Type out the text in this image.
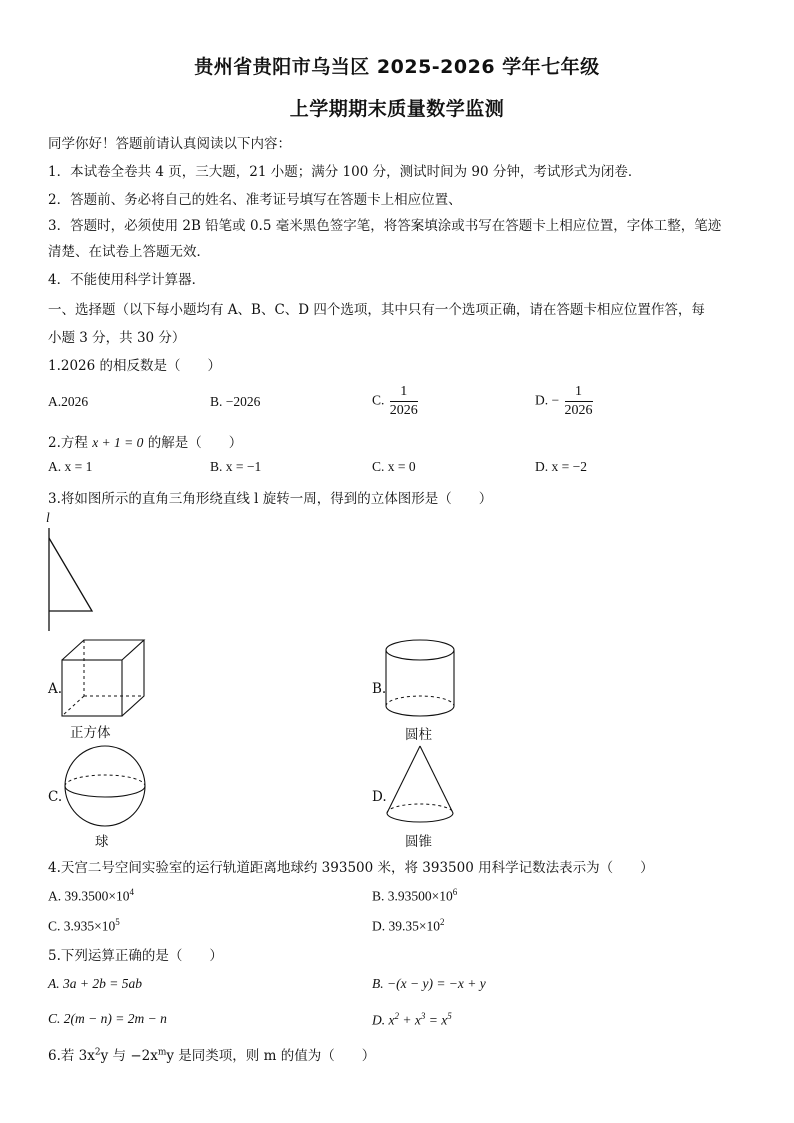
贵州省贵阳市乌当区 2025-2026 学年七年级
上学期期末质量数学监测
同学你好！答题前请认真阅读以下内容：
1．本试卷全卷共 4 页，三大题，21 小题；满分 100 分，测试时间为 90 分钟，考试形式为闭卷．
2．答题前、务必将自己的姓名、准考证号填写在答题卡上相应位置、
3．答题时，必须使用 2B 铅笔或 0.5 毫米黑色签字笔，将答案填涂或书写在答题卡上相应位置，字体工整，笔迹
清楚、在试卷上答题无效．
4．不能使用科学计算器．
一、选择题（以下每小题均有 A、B、C、D 四个选项，其中只有一个选项正确，请在答题卡相应位置作答，每
小题 3 分，共 30 分）
1.2026 的相反数是（　　）
A.2026	B. −2026	C. $\frac{1}{2026}$	D. − $\frac{1}{2026}$
2.方程 x + 1 = 0 的解是（　　）
A. x = 1	B. x = −1	C. x = 0	D. x = −2
3.将如图所示的直角三角形绕直线 l 旋转一周，得到的立体图形是（　　）
l
A.
正方体
B.
圆柱
C.
球
D.
圆锥
4.天宫二号空间实验室的运行轨道距离地球约 393500 米，将 393500 用科学记数法表示为（　　）
A. $39.3500\times 10^4$	B. $3.93500\times 10^6$
C. $3.935\times 10^5$	D. $39.35\times 10^2$
5.下列运算正确的是（　　）
A. 3a + 2b = 5ab	B. −(x − y) = −x + y
C. 2(m − n) = 2m − n	D. $x^2 + x^3 = x^5$
6.若 $3x^2y$ 与 $-2x^my$ 是同类项，则 m 的值为（　　）
